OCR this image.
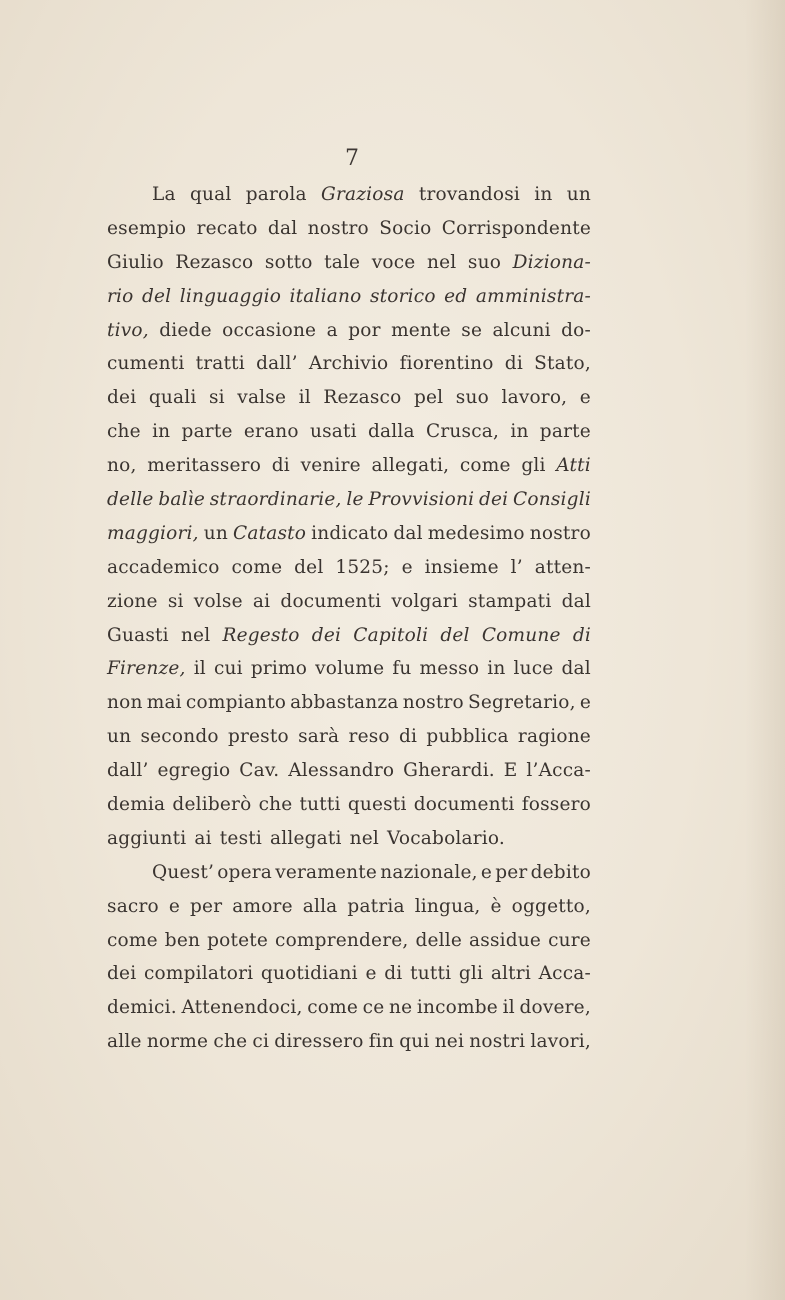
7
La qual parola Graziosa trovandosi in un
esempio recato dal nostro Socio Corrispondente
Giulio Rezasco sotto tale voce nel suo Diziona-
rio del linguaggio italiano storico ed amministra-
tivo, diede occasione a por mente se alcuni do-
cumenti tratti dall’ Archivio fiorentino di Stato,
dei quali si valse il Rezasco pel suo lavoro, e
che in parte erano usati dalla Crusca, in parte
no, meritassero di venire allegati, come gli Atti
delle balìe straordinarie, le Provvisioni dei Consigli
maggiori, un Catasto indicato dal medesimo nostro
accademico come del 1525; e insieme l’ atten-
zione si volse ai documenti volgari stampati dal
Guasti nel Regesto dei Capitoli del Comune di
Firenze, il cui primo volume fu messo in luce dal
non mai compianto abbastanza nostro Segretario, e
un secondo presto sarà reso di pubblica ragione
dall’ egregio Cav. Alessandro Gherardi. E l’Acca-
demia deliberò che tutti questi documenti fossero
aggiunti ai testi allegati nel Vocabolario.
Quest’ opera veramente nazionale, e per debito
sacro e per amore alla patria lingua, è oggetto,
come ben potete comprendere, delle assidue cure
dei compilatori quotidiani e di tutti gli altri Acca-
demici. Attenendoci, come ce ne incombe il dovere,
alle norme che ci diressero fin qui nei nostri lavori,
